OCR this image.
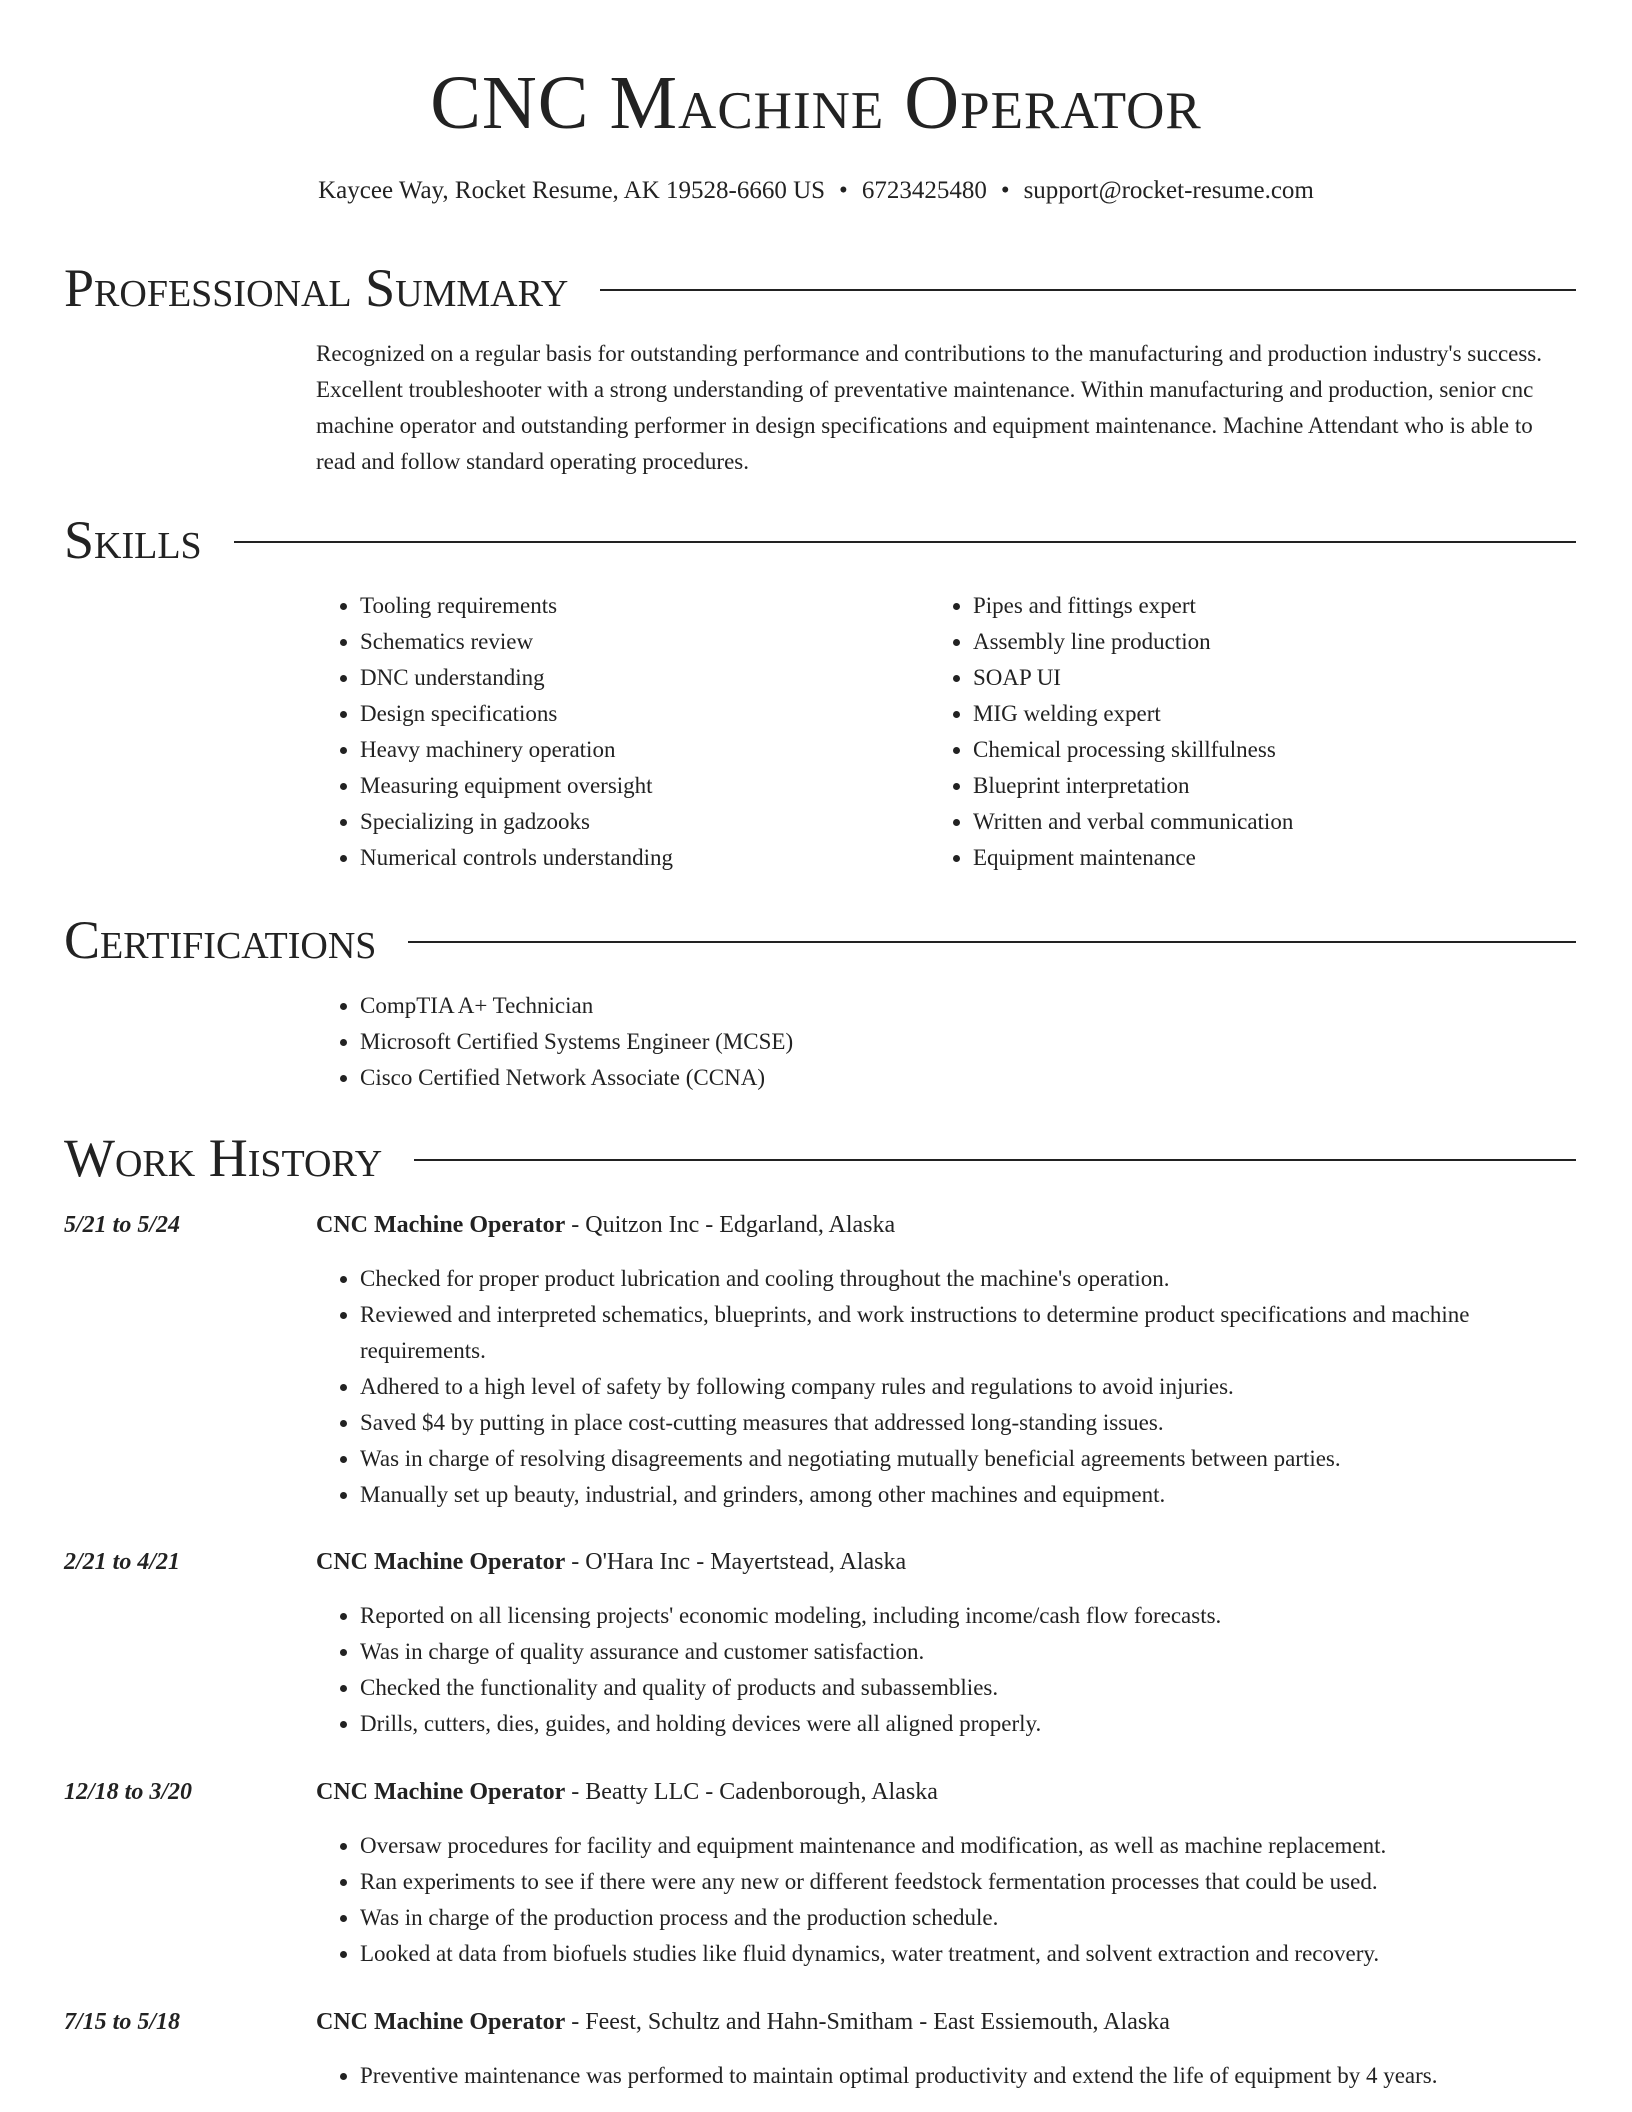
CNC Machine Operator
Kaycee Way, Rocket Resume, AK 19528-6660 US • 6723425480 • support@rocket-resume.com
Professional Summary
Recognized on a regular basis for outstanding performance and contributions to the manufacturing and production industry's success. Excellent troubleshooter with a strong understanding of preventative maintenance. Within manufacturing and production, senior cnc machine operator and outstanding performer in design specifications and equipment maintenance. Machine Attendant who is able to read and follow standard operating procedures.
Skills
• Tooling requirements
• Schematics review
• DNC understanding
• Design specifications
• Heavy machinery operation
• Measuring equipment oversight
• Specializing in gadzooks
• Numerical controls understanding
• Pipes and fittings expert
• Assembly line production
• SOAP UI
• MIG welding expert
• Chemical processing skillfulness
• Blueprint interpretation
• Written and verbal communication
• Equipment maintenance
Certifications
• CompTIA A+ Technician
• Microsoft Certified Systems Engineer (MCSE)
• Cisco Certified Network Associate (CCNA)
Work History
5/21 to 5/24	CNC Machine Operator - Quitzon Inc - Edgarland, Alaska
• Checked for proper product lubrication and cooling throughout the machine's operation.
• Reviewed and interpreted schematics, blueprints, and work instructions to determine product specifications and machine requirements.
• Adhered to a high level of safety by following company rules and regulations to avoid injuries.
• Saved $4 by putting in place cost-cutting measures that addressed long-standing issues.
• Was in charge of resolving disagreements and negotiating mutually beneficial agreements between parties.
• Manually set up beauty, industrial, and grinders, among other machines and equipment.
2/21 to 4/21	CNC Machine Operator - O'Hara Inc - Mayertstead, Alaska
• Reported on all licensing projects' economic modeling, including income/cash flow forecasts.
• Was in charge of quality assurance and customer satisfaction.
• Checked the functionality and quality of products and subassemblies.
• Drills, cutters, dies, guides, and holding devices were all aligned properly.
12/18 to 3/20	CNC Machine Operator - Beatty LLC - Cadenborough, Alaska
• Oversaw procedures for facility and equipment maintenance and modification, as well as machine replacement.
• Ran experiments to see if there were any new or different feedstock fermentation processes that could be used.
• Was in charge of the production process and the production schedule.
• Looked at data from biofuels studies like fluid dynamics, water treatment, and solvent extraction and recovery.
7/15 to 5/18	CNC Machine Operator - Feest, Schultz and Hahn-Smitham - East Essiemouth, Alaska
• Preventive maintenance was performed to maintain optimal productivity and extend the life of equipment by 4 years.
